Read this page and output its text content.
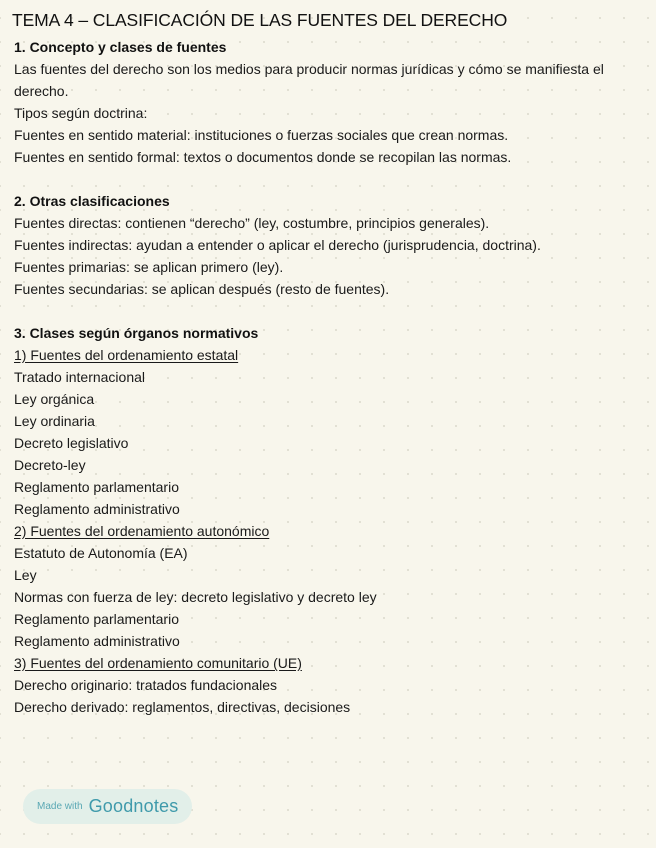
TEMA 4 – CLASIFICACIÓN DE LAS FUENTES DEL DERECHO

1. Concepto y clases de fuentes

Las fuentes del derecho son los medios para producir normas jurídicas y cómo se manifiesta el derecho.

Tipos según doctrina:

Fuentes en sentido material: instituciones o fuerzas sociales que crean normas.

Fuentes en sentido formal: textos o documentos donde se recopilan las normas.

2. Otras clasificaciones

Fuentes directas: contienen “derecho” (ley, costumbre, principios generales).

Fuentes indirectas: ayudan a entender o aplicar el derecho (jurisprudencia, doctrina).

Fuentes primarias: se aplican primero (ley).

Fuentes secundarias: se aplican después (resto de fuentes).

3. Clases según órganos normativos

1) Fuentes del ordenamiento estatal

Tratado internacional

Ley orgánica

Ley ordinaria

Decreto legislativo

Decreto-ley

Reglamento parlamentario

Reglamento administrativo

2) Fuentes del ordenamiento autonómico

Estatuto de Autonomía (EA)

Ley

Normas con fuerza de ley: decreto legislativo y decreto ley

Reglamento parlamentario

Reglamento administrativo

3) Fuentes del ordenamiento comunitario (UE)

Derecho originario: tratados fundacionales

Derecho derivado: reglamentos, directivas, decisiones

Made with Goodnotes
